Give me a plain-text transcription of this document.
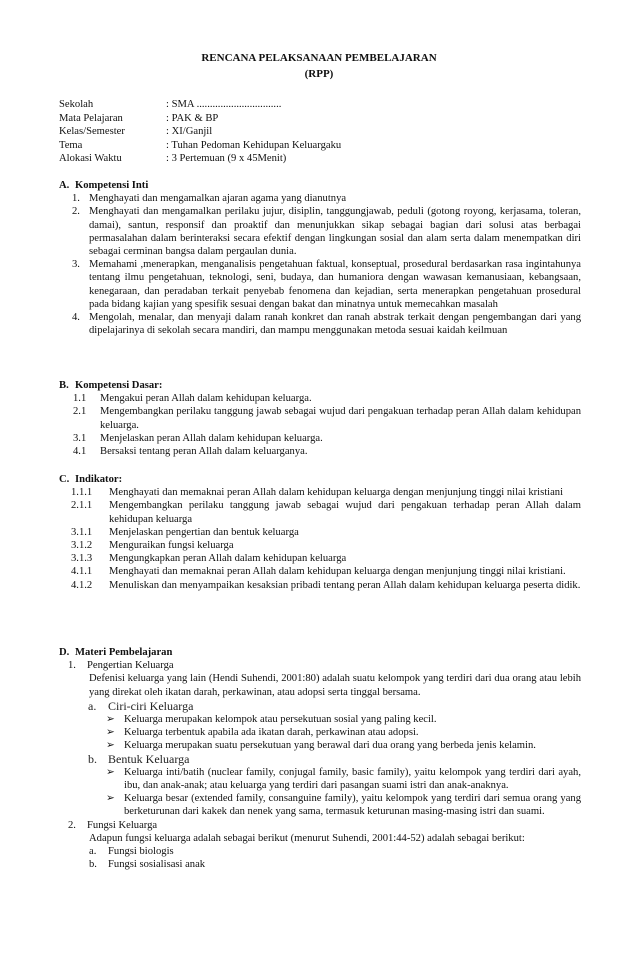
RENCANA PELAKSANAAN PEMBELAJARAN
(RPP)
Sekolah	: SMA ................................
Mata Pelajaran	: PAK & BP
Kelas/Semester	: XI/Ganjil
Tema	: Tuhan Pedoman Kehidupan Keluargaku
Alokasi Waktu	: 3 Pertemuan (9 x 45Menit)
A. Kompetensi Inti
1. Menghayati dan mengamalkan ajaran agama yang dianutnya
2. Menghayati dan mengamalkan perilaku jujur, disiplin, tanggungjawab, peduli (gotong royong, kerjasama, toleran, damai), santun, responsif dan proaktif dan menunjukkan sikap sebagai bagian dari solusi atas berbagai permasalahan dalam berinteraksi secara efektif dengan lingkungan sosial dan alam serta dalam menempatkan diri sebagai cerminan bangsa dalam pergaulan dunia.
3. Memahami ,menerapkan, menganalisis pengetahuan faktual, konseptual, prosedural berdasarkan rasa ingintahunya tentang ilmu pengetahuan, teknologi, seni, budaya, dan humaniora dengan wawasan kemanusiaan, kebangsaan, kenegaraan, dan peradaban terkait penyebab fenomena dan kejadian, serta menerapkan pengetahuan prosedural pada bidang kajian yang spesifik sesuai dengan bakat dan minatnya untuk memecahkan masalah
4. Mengolah, menalar, dan menyaji dalam ranah konkret dan ranah abstrak terkait dengan pengembangan dari yang dipelajarinya di sekolah secara mandiri, dan mampu menggunakan metoda sesuai kaidah keilmuan
B. Kompetensi Dasar:
1.1	Mengakui peran Allah dalam kehidupan keluarga.
2.1	Mengembangkan perilaku tanggung jawab sebagai wujud dari pengakuan terhadap peran Allah dalam kehidupan keluarga.
3.1	Menjelaskan peran Allah dalam kehidupan keluarga.
4.1	Bersaksi tentang peran Allah dalam keluarganya.
C. Indikator:
1.1.1	Menghayati dan memaknai peran Allah dalam kehidupan keluarga dengan menjunjung tinggi nilai kristiani
2.1.1	Mengembangkan perilaku tanggung jawab sebagai wujud dari pengakuan terhadap peran Allah dalam kehidupan keluarga
3.1.1	Menjelaskan pengertian dan bentuk keluarga
3.1.2	Menguraikan fungsi keluarga
3.1.3	Mengungkapkan peran Allah dalam kehidupan keluarga
4.1.1	Menghayati dan memaknai peran Allah dalam kehidupan keluarga dengan menjunjung tinggi nilai kristiani.
4.1.2	Menuliskan dan menyampaikan kesaksian pribadi tentang peran Allah dalam kehidupan keluarga peserta didik.
D. Materi Pembelajaran
1.	Pengertian Keluarga
Defenisi keluarga yang lain (Hendi Suhendi, 2001:80) adalah suatu kelompok yang terdiri dari dua orang atau lebih yang direkat oleh ikatan darah, perkawinan, atau adopsi serta tinggal bersama.
a. Ciri-ciri Keluarga
➢ Keluarga merupakan kelompok atau persekutuan sosial yang paling kecil.
➢ Keluarga terbentuk apabila ada ikatan darah, perkawinan atau adopsi.
➢ Keluarga merupakan suatu persekutuan yang berawal dari dua orang yang berbeda jenis kelamin.
b. Bentuk Keluarga
➢ Keluarga inti/batih (nuclear family, conjugal family, basic family), yaitu kelompok yang terdiri dari ayah, ibu, dan anak-anak; atau keluarga yang terdiri dari pasangan suami istri dan anak-anaknya.
➢ Keluarga besar (extended family, consanguine family), yaitu kelompok yang terdiri dari semua orang yang berketurunan dari kakek dan nenek yang sama, termasuk keturunan masing-masing istri dan suami.
2.	Fungsi Keluarga
Adapun fungsi keluarga adalah sebagai berikut (menurut Suhendi, 2001:44-52) adalah sebagai berikut:
a.	Fungsi biologis
b.	Fungsi sosialisasi anak
